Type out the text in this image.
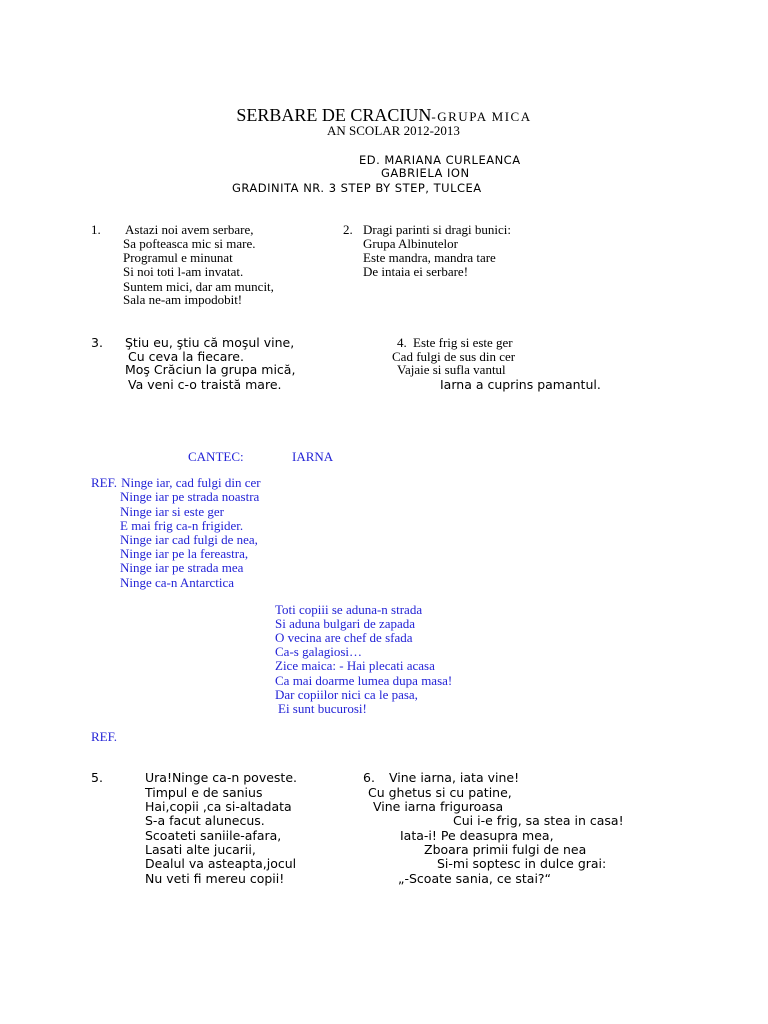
SERBARE DE CRACIUN-GRUPA MICA
AN SCOLAR 2012-2013
ED. MARIANA CURLEANCA
GABRIELA ION
GRADINITA NR. 3 STEP BY STEP, TULCEA
1. Astazi noi avem serbare,
Sa pofteasca mic si mare.
Programul e minunat
Si noi toti l-am invatat.
Suntem mici, dar am muncit,
Sala ne-am impodobit!
2. Dragi parinti si dragi bunici:
Grupa Albinutelor
Este mandra, mandra tare
De intaia ei serbare!
3. Ştiu eu, ştiu că moşul vine,
Cu ceva la fiecare.
Moş Crăciun la grupa mică,
Va veni c-o traistă mare.
4. Este frig si este ger
Cad fulgi de sus din cer
Vajaie si sufla vantul
Iarna a cuprins pamantul.
CANTEC:	IARNA
REF. Ninge iar, cad fulgi din cer
Ninge iar pe strada noastra
Ninge iar si este ger
E mai frig ca-n frigider.
Ninge iar cad fulgi de nea,
Ninge iar pe la fereastra,
Ninge iar pe strada mea
Ninge ca-n Antarctica
Toti copiii se aduna-n strada
Si aduna bulgari de zapada
O vecina are chef de sfada
Ca-s galagiosi…
Zice maica: - Hai plecati acasa
Ca mai doarme lumea dupa masa!
Dar copiilor nici ca le pasa,
Ei sunt bucurosi!
REF.
5.	Ura!Ninge ca-n poveste.
Timpul e de sanius
Hai,copii ,ca si-altadata
S-a facut alunecus.
Scoateti saniile-afara,
Lasati alte jucarii,
Dealul va asteapta,jocul
Nu veti fi mereu copii!
6. Vine iarna, iata vine!
Cu ghetus si cu patine,
Vine iarna friguroasa
Cui i-e frig, sa stea in casa!
Iata-i! Pe deasupra mea,
Zboara primii fulgi de nea
Si-mi soptesc in dulce grai:
„-Scoate sania, ce stai?“
